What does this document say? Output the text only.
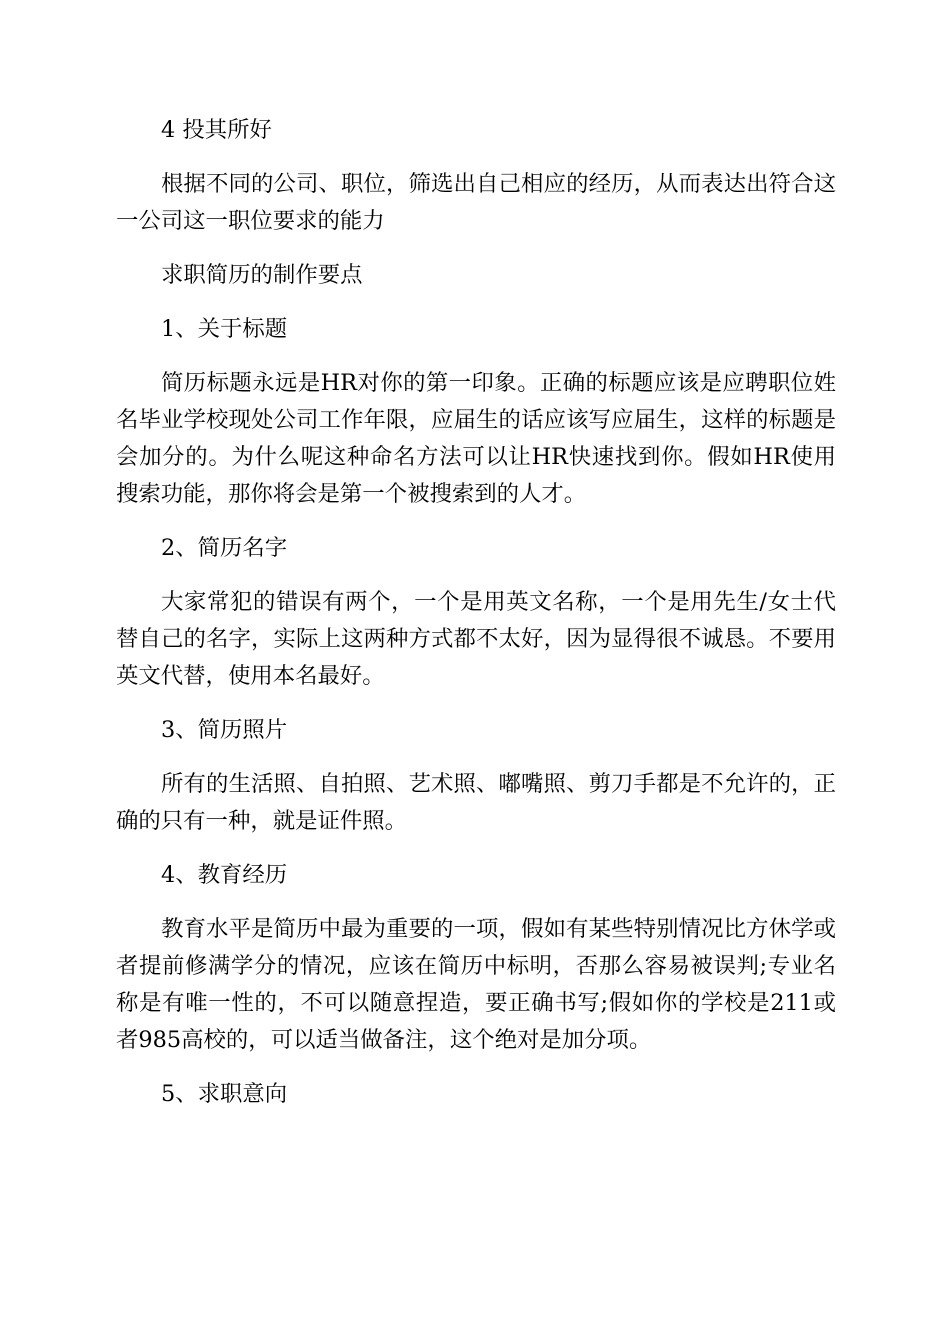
4 投其所好

根据不同的公司、职位，筛选出自己相应的经历，从而表达出符合这一公司这一职位要求的能力

求职简历的制作要点

1、关于标题

简历标题永远是HR对你的第一印象。正确的标题应该是应聘职位姓名毕业学校现处公司工作年限，应届生的话应该写应届生，这样的标题是会加分的。为什么呢这种命名方法可以让HR快速找到你。假如HR使用搜索功能，那你将会是第一个被搜索到的人才。

2、简历名字

大家常犯的错误有两个，一个是用英文名称，一个是用先生/女士代替自己的名字，实际上这两种方式都不太好，因为显得很不诚恳。不要用英文代替，使用本名最好。

3、简历照片

所有的生活照、自拍照、艺术照、嘟嘴照、剪刀手都是不允许的，正确的只有一种，就是证件照。

4、教育经历

教育水平是简历中最为重要的一项，假如有某些特别情况比方休学或者提前修满学分的情况，应该在简历中标明，否那么容易被误判;专业名称是有唯一性的，不可以随意捏造，要正确书写;假如你的学校是211或者985高校的，可以适当做备注，这个绝对是加分项。

5、求职意向
